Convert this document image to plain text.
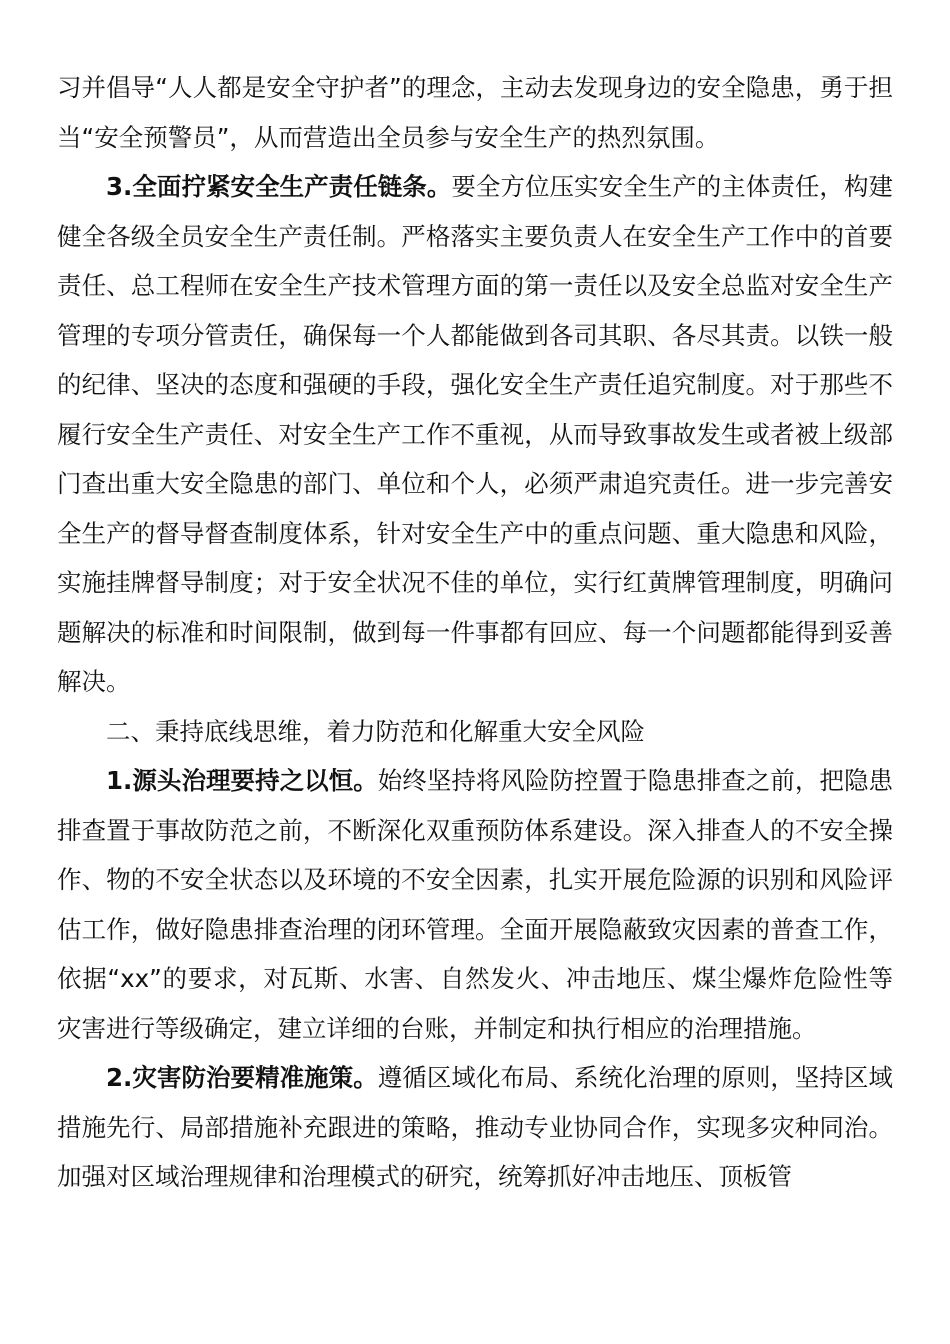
习并倡导“人人都是安全守护者”的理念，主动去发现身边的安全隐患，勇于担当“安全预警员”，从而营造出全员参与安全生产的热烈氛围。

3.全面拧紧安全生产责任链条。要全方位压实安全生产的主体责任，构建健全各级全员安全生产责任制。严格落实主要负责人在安全生产工作中的首要责任、总工程师在安全生产技术管理方面的第一责任以及安全总监对安全生产管理的专项分管责任，确保每一个人都能做到各司其职、各尽其责。以铁一般的纪律、坚决的态度和强硬的手段，强化安全生产责任追究制度。对于那些不履行安全生产责任、对安全生产工作不重视，从而导致事故发生或者被上级部门查出重大安全隐患的部门、单位和个人，必须严肃追究责任。进一步完善安全生产的督导督查制度体系，针对安全生产中的重点问题、重大隐患和风险，实施挂牌督导制度；对于安全状况不佳的单位，实行红黄牌管理制度，明确问题解决的标准和时间限制，做到每一件事都有回应、每一个问题都能得到妥善解决。

二、秉持底线思维，着力防范和化解重大安全风险

1.源头治理要持之以恒。始终坚持将风险防控置于隐患排查之前，把隐患排查置于事故防范之前，不断深化双重预防体系建设。深入排查人的不安全操作、物的不安全状态以及环境的不安全因素，扎实开展危险源的识别和风险评估工作，做好隐患排查治理的闭环管理。全面开展隐蔽致灾因素的普查工作，依据“xx”的要求，对瓦斯、水害、自然发火、冲击地压、煤尘爆炸危险性等灾害进行等级确定，建立详细的台账，并制定和执行相应的治理措施。

2.灾害防治要精准施策。遵循区域化布局、系统化治理的原则，坚持区域措施先行、局部措施补充跟进的策略，推动专业协同合作，实现多灾种同治。加强对区域治理规律和治理模式的研究，统筹抓好冲击地压、顶板管
